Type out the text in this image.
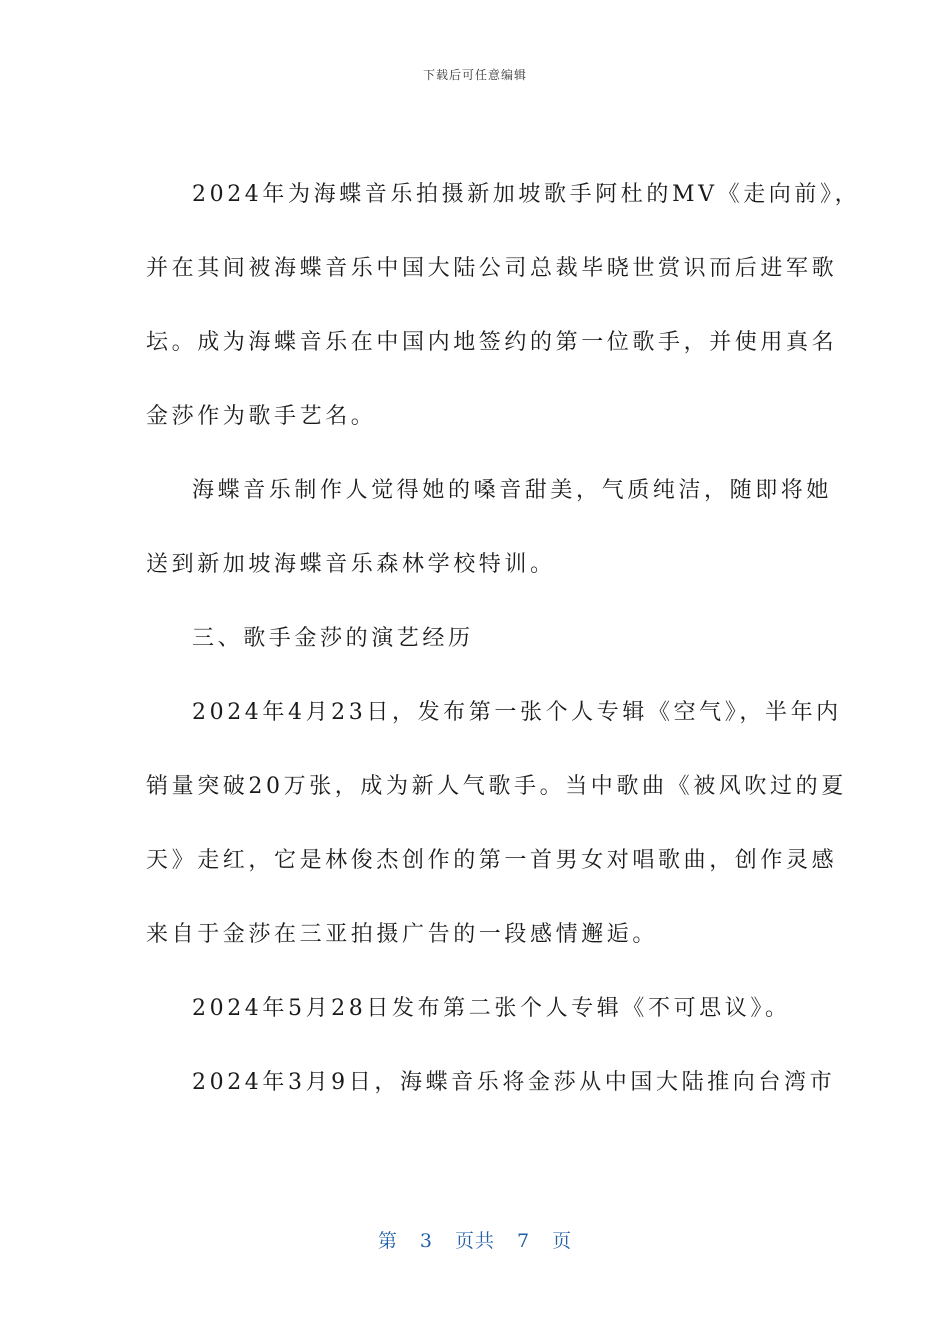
下载后可任意编辑
2024年为海蝶音乐拍摄新加坡歌手阿杜的MV《走向前》，
并在其间被海蝶音乐中国大陆公司总裁毕晓世赏识而后进军歌
坛。成为海蝶音乐在中国内地签约的第一位歌手，并使用真名
金莎作为歌手艺名。
海蝶音乐制作人觉得她的嗓音甜美，气质纯洁，随即将她
送到新加坡海蝶音乐森林学校特训。
三、歌手金莎的演艺经历
2024年4月23日，发布第一张个人专辑《空气》，半年内
销量突破20万张，成为新人气歌手。当中歌曲《被风吹过的夏
天》走红，它是林俊杰创作的第一首男女对唱歌曲，创作灵感
来自于金莎在三亚拍摄广告的一段感情邂逅。
2024年5月28日发布第二张个人专辑《不可思议》。
2024年3月9日，海蝶音乐将金莎从中国大陆推向台湾市
第 3 页共 7 页
